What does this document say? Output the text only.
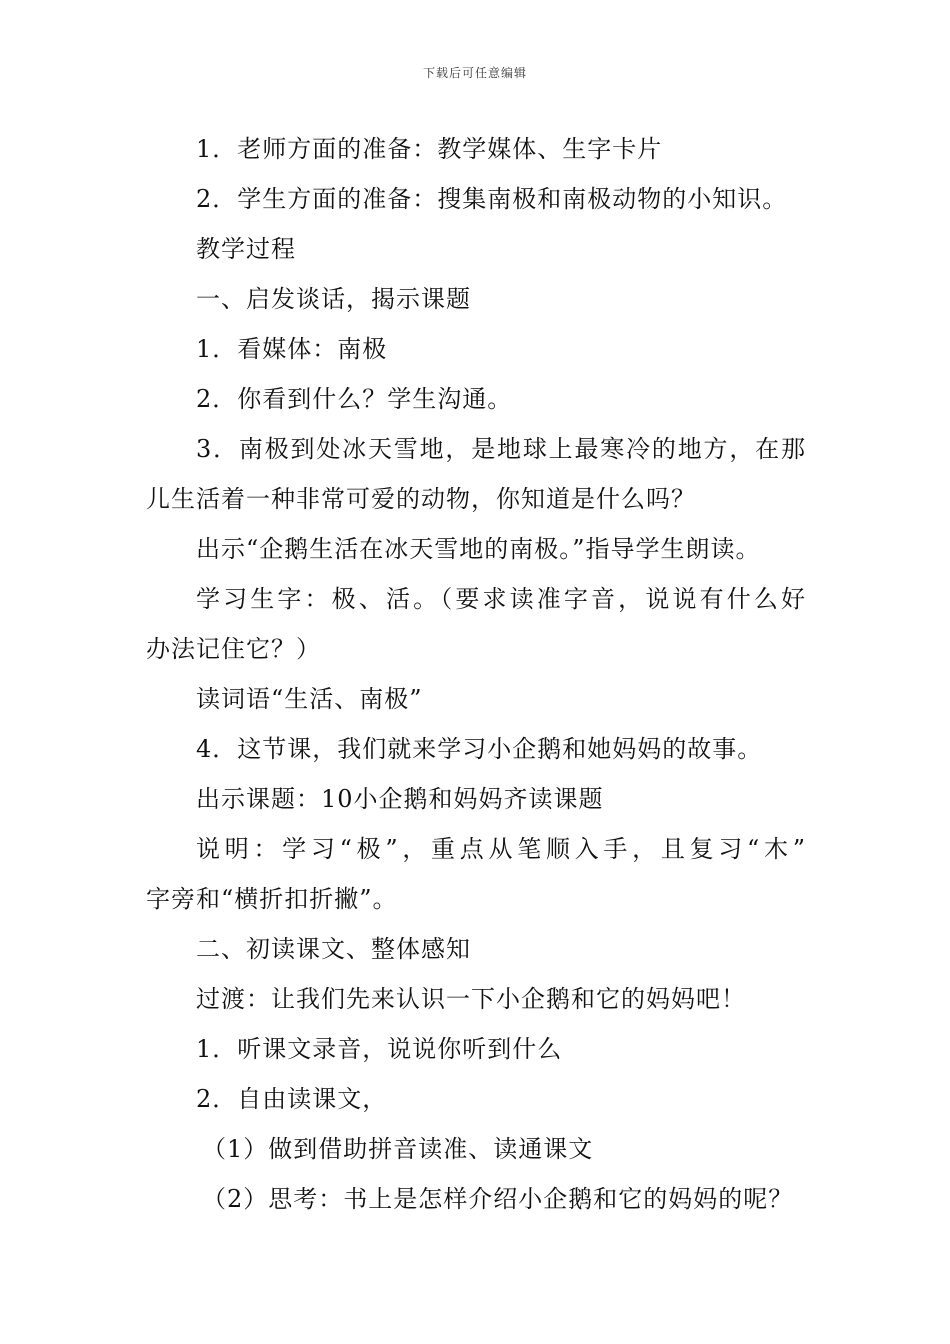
下载后可任意编辑
1．老师方面的准备：教学媒体、生字卡片
2．学生方面的准备：搜集南极和南极动物的小知识。
教学过程
一、启发谈话，揭示课题
1．看媒体：南极
2．你看到什么？学生沟通。
3．南极到处冰天雪地，是地球上最寒冷的地方，在那
儿生活着一种非常可爱的动物，你知道是什么吗？
出示“企鹅生活在冰天雪地的南极。”指导学生朗读。
学习生字：极、活。（要求读准字音，说说有什么好
办法记住它？）
读词语“生活、南极”
4．这节课，我们就来学习小企鹅和她妈妈的故事。
出示课题：10小企鹅和妈妈齐读课题
说明：学习“极”，重点从笔顺入手，且复习“木”
字旁和“横折扣折撇”。
二、初读课文、整体感知
过渡：让我们先来认识一下小企鹅和它的妈妈吧！
1．听课文录音，说说你听到什么
2．自由读课文，
（1）做到借助拼音读准、读通课文
（2）思考：书上是怎样介绍小企鹅和它的妈妈的呢？
